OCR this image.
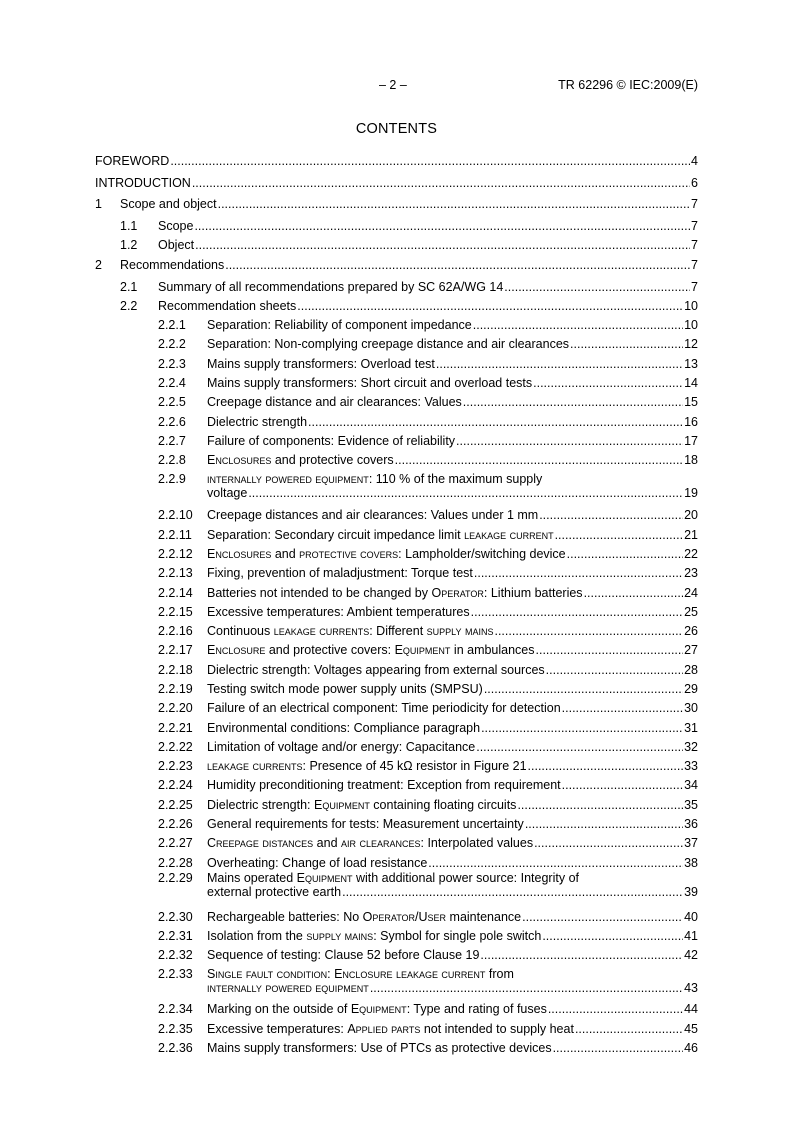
– 2 –	TR 62296 © IEC:2009(E)
CONTENTS
FOREWORD .....	4
INTRODUCTION .....	6
1	Scope and object .....	7
1.1	Scope .....	7
1.2	Object .....	7
2	Recommendations .....	7
2.1	Summary of all recommendations prepared by SC 62A/WG 14 .....	7
2.2	Recommendation sheets .....	10
2.2.1	Separation: Reliability of component impedance .....	10
2.2.2	Separation: Non-complying creepage distance and air clearances .....	12
2.2.3	Mains supply transformers: Overload test .....	13
2.2.4	Mains supply transformers: Short circuit and overload tests .....	14
2.2.5	Creepage distance and air clearances: Values .....	15
2.2.6	Dielectric strength .....	16
2.2.7	Failure of components: Evidence of reliability .....	17
2.2.8	Enclosures and protective covers .....	18
2.2.9	internally powered equipment: 110 % of the maximum supply
voltage .....	19
2.2.10	Creepage distances and air clearances: Values under 1 mm .....	20
2.2.11	Separation: Secondary circuit impedance limit leakage current .....	21
2.2.12	Enclosures and protective covers: Lampholder/switching device .....	22
2.2.13	Fixing, prevention of maladjustment: Torque test .....	23
2.2.14	Batteries not intended to be changed by Operator: Lithium batteries .....	24
2.2.15	Excessive temperatures: Ambient temperatures .....	25
2.2.16	Continuous leakage currents: Different supply mains .....	26
2.2.17	Enclosure and protective covers: Equipment in ambulances .....	27
2.2.18	Dielectric strength: Voltages appearing from external sources .....	28
2.2.19	Testing switch mode power supply units (SMPSU) .....	29
2.2.20	Failure of an electrical component: Time periodicity for detection .....	30
2.2.21	Environmental conditions: Compliance paragraph .....	31
2.2.22	Limitation of voltage and/or energy: Capacitance .....	32
2.2.23	leakage currents: Presence of 45 kΩ resistor in Figure 21 .....	33
2.2.24	Humidity preconditioning treatment: Exception from requirement .....	34
2.2.25	Dielectric strength: Equipment containing floating circuits .....	35
2.2.26	General requirements for tests: Measurement uncertainty .....	36
2.2.27	Creepage distances and air clearances: Interpolated values .....	37
2.2.28	Overheating: Change of load resistance .....	38
2.2.29	Mains operated Equipment with additional power source: Integrity of
external protective earth .....	39
2.2.30	Rechargeable batteries: No Operator/User maintenance .....	40
2.2.31	Isolation from the supply mains: Symbol for single pole switch .....	41
2.2.32	Sequence of testing: Clause 52 before Clause 19 .....	42
2.2.33	Single fault condition: Enclosure leakage current from
internally powered equipment .....	43
2.2.34	Marking on the outside of Equipment: Type and rating of fuses .....	44
2.2.35	Excessive temperatures: Applied parts not intended to supply heat .....	45
2.2.36	Mains supply transformers: Use of PTCs as protective devices .....	46
